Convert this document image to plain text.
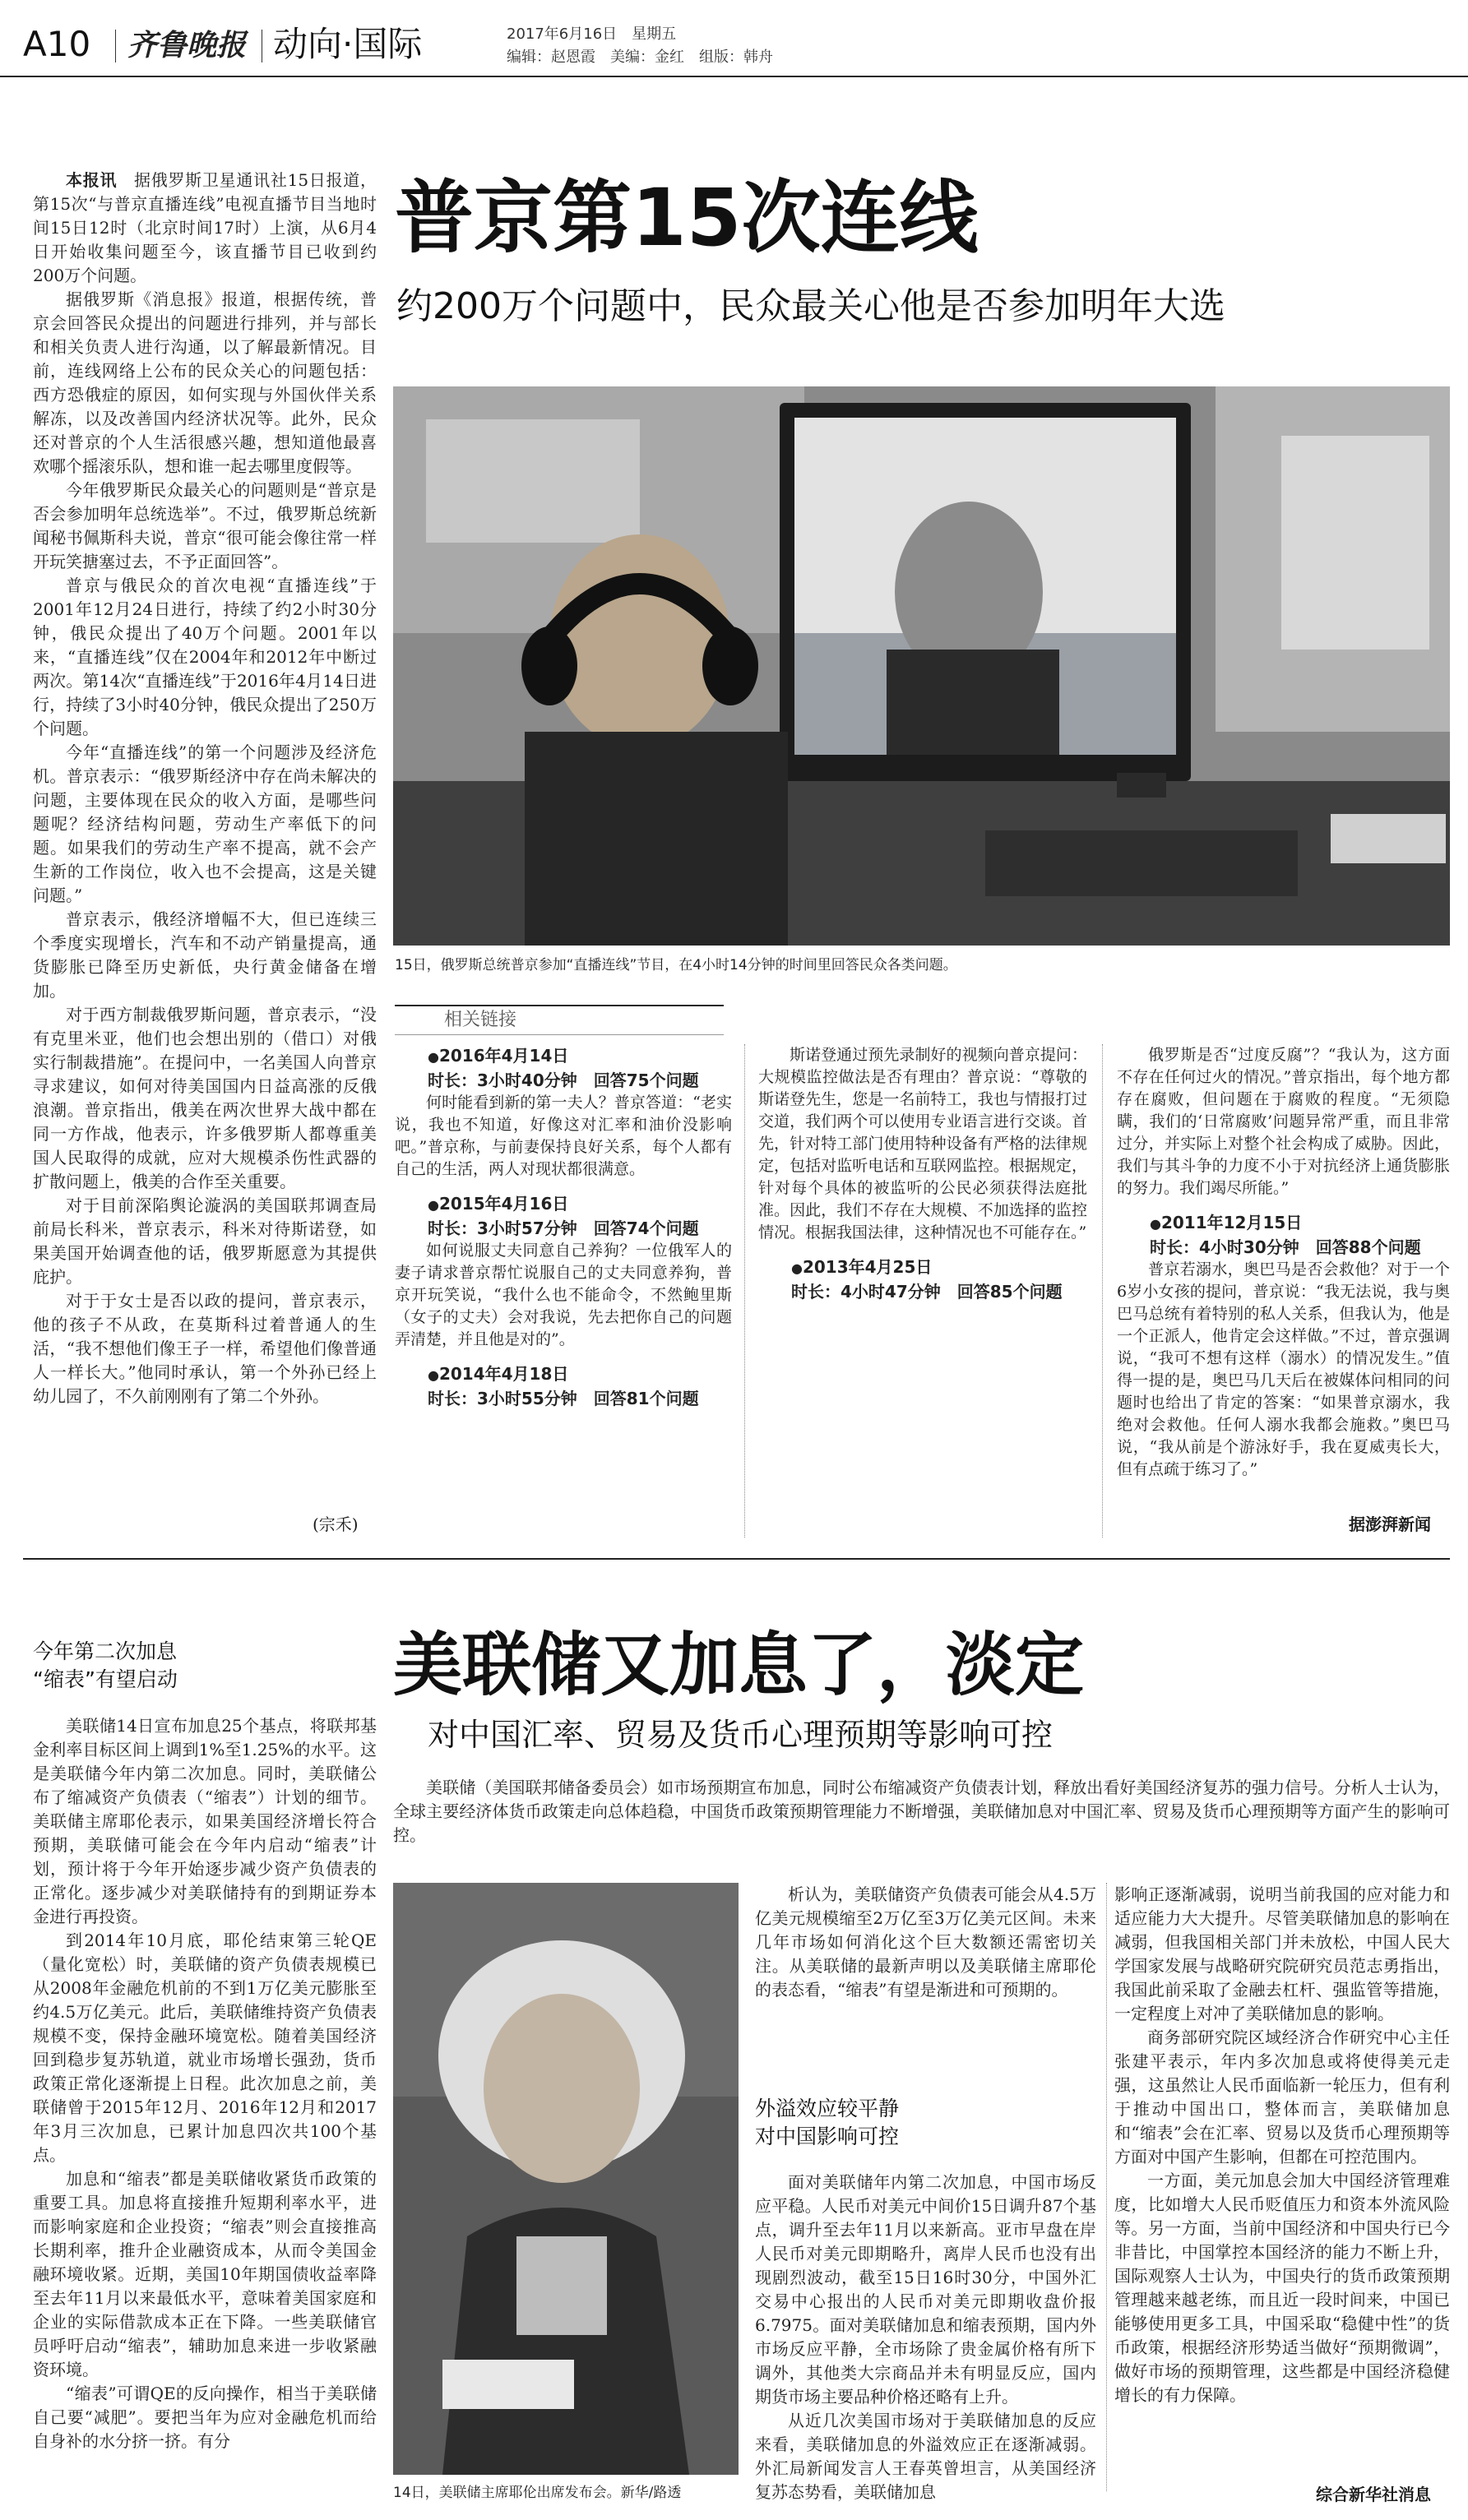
A10 齐鲁晚报 动向·国际	2017年6月16日　 星期五
编辑：赵恩霞　美编：金红　组版：韩舟
普京第15次连线
约200万个问题中，民众最关心他是否参加明年大选

本报讯　 据俄罗斯卫星通讯社15日报道，第15次“与普京直播连线”电视直播节目当地时间15日12时（北京时间17时）上演，从6月4日开始收集问题至今，该直播节目已收到约200万个问题。

据俄罗斯《消息报》报道，根据传统，普京会回答民众提出的问题进行排列，并与部长和相关负责人进行沟通，以了解最新情况。目前，连线网络上公布的民众关心的问题包括：西方恐俄症的原因，如何实现与外国伙伴关系解冻，以及改善国内经济状况等。此外，民众还对普京的个人生活很感兴趣，想知道他最喜欢哪个摇滚乐队，想和谁一起去哪里度假等。

今年俄罗斯民众最关心的问题则是“普京是否会参加明年总统选举”。不过，俄罗斯总统新闻秘书佩斯科夫说，普京“很可能会像往常一样开玩笑搪塞过去，不予正面回答”。

普京与俄民众的首次电视“直播连线”于2001年12月24日进行，持续了约2小时30分钟，俄民众提出了40万个问题。2001年以来，“直播连线”仅在2004年和2012年中断过两次。第14次“直播连线”于2016年4月14日进行，持续了3小时40分钟，俄民众提出了250万个问题。

今年“直播连线”的第一个问题涉及经济危机。普京表示：“俄罗斯经济中存在尚未解决的问题，主要体现在民众的收入方面，是哪些问题呢？经济结构问题，劳动生产率低下的问题。如果我们的劳动生产率不提高，就不会产生新的工作岗位，收入也不会提高，这是关键问题。”

普京表示，俄经济增幅不大，但已连续三个季度实现增长，汽车和不动产销量提高，通货膨胀已降至历史新低，央行黄金储备在增加。

对于西方制裁俄罗斯问题，普京表示，“没有克里米亚，他们也会想出别的（借口）对俄实行制裁措施”。在提问中，一名美国人向普京寻求建议，如何对待美国国内日益高涨的反俄浪潮。普京指出，俄美在两次世界大战中都在同一方作战，他表示，许多俄罗斯人都尊重美国人民取得的成就，应对大规模杀伤性武器的扩散问题上，俄美的合作至关重要。

对于目前深陷舆论漩涡的美国联邦调查局前局长科米，普京表示，科米对待斯诺登，如果美国开始调查他的话，俄罗斯愿意为其提供庇护。

对于于女士是否以政的提问，普京表示，他的孩子不从政，在莫斯科过着普通人的生活，“我不想他们像王子一样，希望他们像普通人一样长大。”他同时承认，第一个外孙已经上幼儿园了，不久前刚刚有了第二个外孙。

(宗禾)
15日，俄罗斯总统普京参加“直播连线”节目，在4小时14分钟的时间里回答民众各类问题。
相关链接

●2016年4月14日

时长：3小时40分钟　回答75个问题

何时能看到新的第一夫人？普京答道：“老实说，我也不知道，好像这对汇率和油价没影响吧。”普京称，与前妻保持良好关系，每个人都有自己的生活，两人对现状都很满意。

●2015年4月16日

时长：3小时57分钟　回答74个问题

如何说服丈夫同意自己养狗？一位俄军人的妻子请求普京帮忙说服自己的丈夫同意养狗，普京开玩笑说，“我什么也不能命令，不然鲍里斯（女子的丈夫）会对我说，先去把你自己的问题弄清楚，并且他是对的”。

●2014年4月18日

时长：3小时55分钟　回答81个问题

斯诺登通过预先录制好的视频向普京提问：大规模监控做法是否有理由？普京说：“尊敬的斯诺登先生，您是一名前特工，我也与情报打过交道，我们两个可以使用专业语言进行交谈。首先，针对特工部门使用特种设备有严格的法律规定，包括对监听电话和互联网监控。根据规定，针对每个具体的被监听的公民必须获得法庭批准。因此，我们不存在大规模、不加选择的监控情况。根据我国法律，这种情况也不可能存在。”

●2013年4月25日

时长：4小时47分钟　回答85个问题

俄罗斯是否“过度反腐”？“我认为，这方面不存在任何过火的情况。”普京指出，每个地方都存在腐败，但问题在于腐败的程度。“无须隐瞒，我们的‘日常腐败’问题异常严重，而且非常过分，并实际上对整个社会构成了威胁。因此，我们与其斗争的力度不小于对抗经济上通货膨胀的努力。我们竭尽所能。”

●2011年12月15日

时长：4小时30分钟　回答88个问题

普京若溺水，奥巴马是否会救他？对于一个6岁小女孩的提问，普京说：“我无法说，我与奥巴马总统有着特别的私人关系，但我认为，他是一个正派人，他肯定会这样做。”不过，普京强调说，“我可不想有这样（溺水）的情况发生。”值得一提的是，奥巴马几天后在被媒体问相同的问题时也给出了肯定的答案：“如果普京溺水，我绝对会救他。任何人溺水我都会施救。”奥巴马说，“我从前是个游泳好手，我在夏威夷长大，但有点疏于练习了。”

据澎湃新闻
美联储又加息了，淡定
对中国汇率、贸易及货币心理预期等影响可控
今年第二次加息
“缩表”有望启动

美联储（美国联邦储备委员会）如市场预期宣布加息，同时公布缩减资产负债表计划，释放出看好美国经济复苏的强力信号。分析人士认为，全球主要经济体货币政策走向总体趋稳，中国货币政策预期管理能力不断增强，美联储加息对中国汇率、贸易及货币心理预期等方面产生的影响可控。

美联储14日宣布加息25个基点，将联邦基金利率目标区间上调到1%至1.25%的水平。这是美联储今年内第二次加息。同时，美联储公布了缩减资产负债表（“缩表”）计划的细节。美联储主席耶伦表示，如果美国经济增长符合预期，美联储可能会在今年内启动“缩表”计划，预计将于今年开始逐步减少资产负债表的正常化。逐步减少对美联储持有的到期证券本金进行再投资。

到2014年10月底，耶伦结束第三轮QE（量化宽松）时，美联储的资产负债表规模已从2008年金融危机前的不到1万亿美元膨胀至约4.5万亿美元。此后，美联储维持资产负债表规模不变，保持金融环境宽松。随着美国经济回到稳步复苏轨道，就业市场增长强劲，货币政策正常化逐渐提上日程。此次加息之前，美联储曾于2015年12月、2016年12月和2017年3月三次加息，已累计加息四次共100个基点。

加息和“缩表”都是美联储收紧货币政策的重要工具。加息将直接推升短期利率水平，进而影响家庭和企业投资；“缩表”则会直接推高长期利率，推升企业融资成本，从而令美国金融环境收紧。近期，美国10年期国债收益率降至去年11月以来最低水平，意味着美国家庭和企业的实际借款成本正在下降。一些美联储官员呼吁启动“缩表”，辅助加息来进一步收紧融资环境。

“缩表”可谓QE的反向操作，相当于美联储自己要“减肥”。要把当年为应对金融危机而给自身补的水分挤一挤。有分

14日，美联储主席耶伦出席发布会。新华/路透

析认为，美联储资产负债表可能会从4.5万亿美元规模缩至2万亿至3万亿美元区间。未来几年市场如何消化这个巨大数额还需密切关注。从美联储的最新声明以及美联储主席耶伦的表态看，“缩表”有望是渐进和可预期的。

外溢效应较平静
对中国影响可控

面对美联储年内第二次加息，中国市场反应平稳。人民币对美元中间价15日调升87个基点，调升至去年11月以来新高。亚市早盘在岸人民币对美元即期略升，离岸人民币也没有出现剧烈波动，截至15日16时30分，中国外汇交易中心报出的人民币对美元即期收盘价报6.7975。面对美联储加息和缩表预期，国内外市场反应平静，全市场除了贵金属价格有所下调外，其他类大宗商品并未有明显反应，国内期货市场主要品种价格还略有上升。

从近几次美国市场对于美联储加息的反应来看，美联储加息的外溢效应正在逐渐减弱。外汇局新闻发言人王春英曾坦言，从美国经济复苏态势看，美联储加息

影响正逐渐减弱，说明当前我国的应对能力和适应能力大大提升。尽管美联储加息的影响在减弱，但我国相关部门并未放松，中国人民大学国家发展与战略研究院研究员范志勇指出，我国此前采取了金融去杠杆、强监管等措施，一定程度上对冲了美联储加息的影响。

商务部研究院区域经济合作研究中心主任张建平表示，年内多次加息或将使得美元走强，这虽然让人民币面临新一轮压力，但有利于推动中国出口，整体而言，美联储加息和“缩表”会在汇率、贸易以及货币心理预期等方面对中国产生影响，但都在可控范围内。

一方面，美元加息会加大中国经济管理难度，比如增大人民币贬值压力和资本外流风险等。另一方面，当前中国经济和中国央行已今非昔比，中国掌控本国经济的能力不断上升，国际观察人士认为，中国央行的货币政策预期管理越来越老练，而且近一段时间来，中国已能够使用更多工具，中国采取“稳健中性”的货币政策，根据经济形势适当做好“预期微调”，做好市场的预期管理，这些都是中国经济稳健增长的有力保障。

综合新华社消息
